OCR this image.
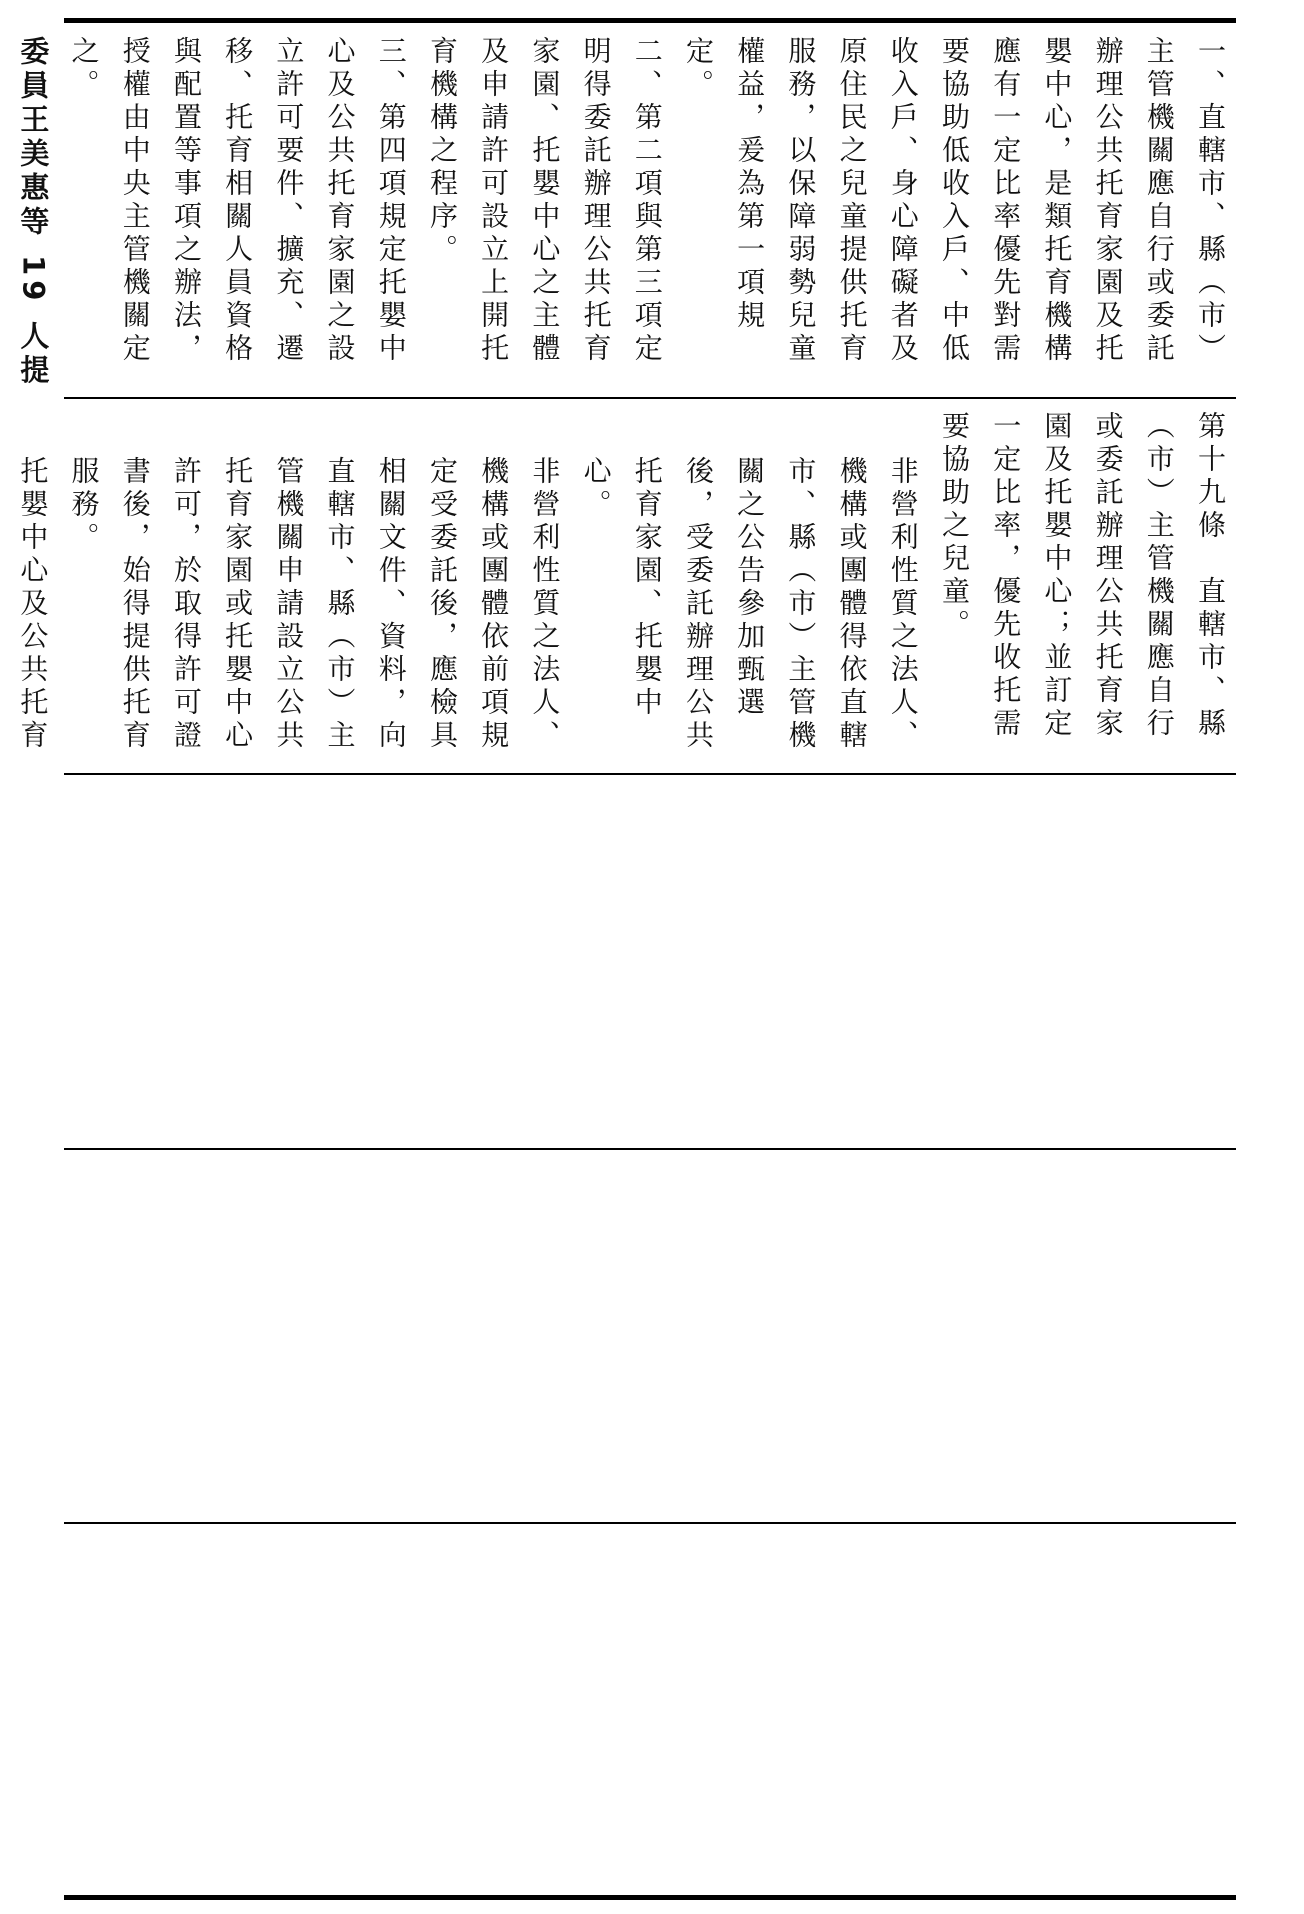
一、直轄市、縣（市）主管機關應自行或委託辦理公共托育家園及托嬰中心，是類托育機構應有一定比率優先對需要協助低收入戶、中低收入戶、身心障礙者及原住民之兒童提供托育服務，以保障弱勢兒童權益，爰為第一項規定。

二、第二項與第三項定明得委託辦理公共托育家園、托嬰中心之主體及申請許可設立上開托育機構之程序。

三、第四項規定托嬰中心及公共托育家園之設立許可要件、擴充、遷移、托育相關人員資格與配置等事項之辦法，授權由中央主管機關定之。

委員王美惠等 19 人提

第十九條　直轄市、縣（市）主管機關應自行或委託辦理公共托育家園及托嬰中心；並訂定一定比率，優先收托需要協助之兒童。

非營利性質之法人、機構或團體得依直轄市、縣（市）主管機關之公告參加甄選後，受委託辦理公共托育家園、托嬰中心。

非營利性質之法人、機構或團體依前項規定受委託後，應檢具相關文件、資料，向直轄市、縣（市）主管機關申請設立公共托育家園或托嬰中心許可，於取得許可證書後，始得提供托育服務。

托嬰中心及公共托育
